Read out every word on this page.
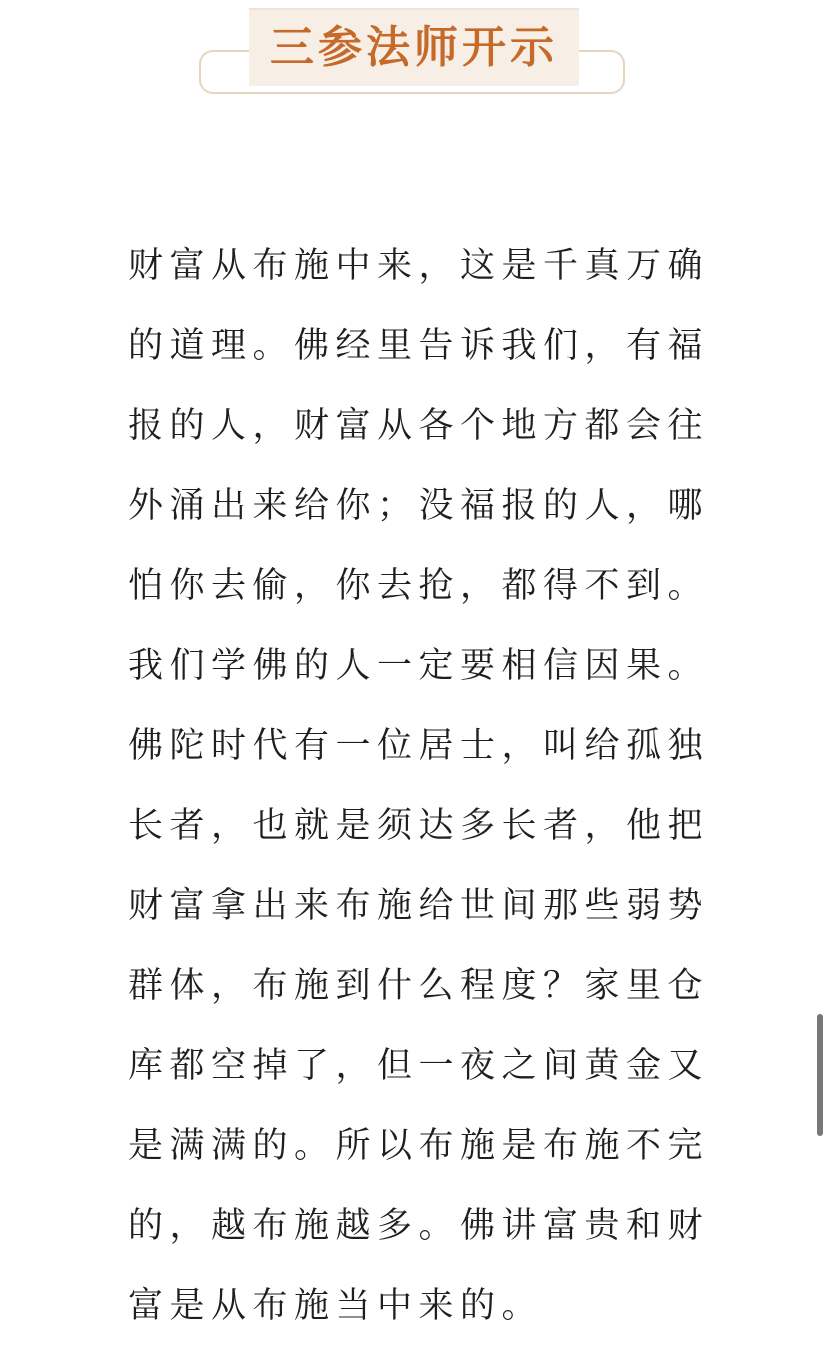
三参法师开示
财富从布施中来，这是千真万确
的道理。佛经里告诉我们，有福
报的人，财富从各个地方都会往
外涌出来给你；没福报的人，哪
怕你去偷，你去抢，都得不到。
我们学佛的人一定要相信因果。
佛陀时代有一位居士，叫给孤独
长者，也就是须达多长者，他把
财富拿出来布施给世间那些弱势
群体，布施到什么程度？家里仓
库都空掉了，但一夜之间黄金又
是满满的。所以布施是布施不完
的，越布施越多。佛讲富贵和财
富是从布施当中来的。
